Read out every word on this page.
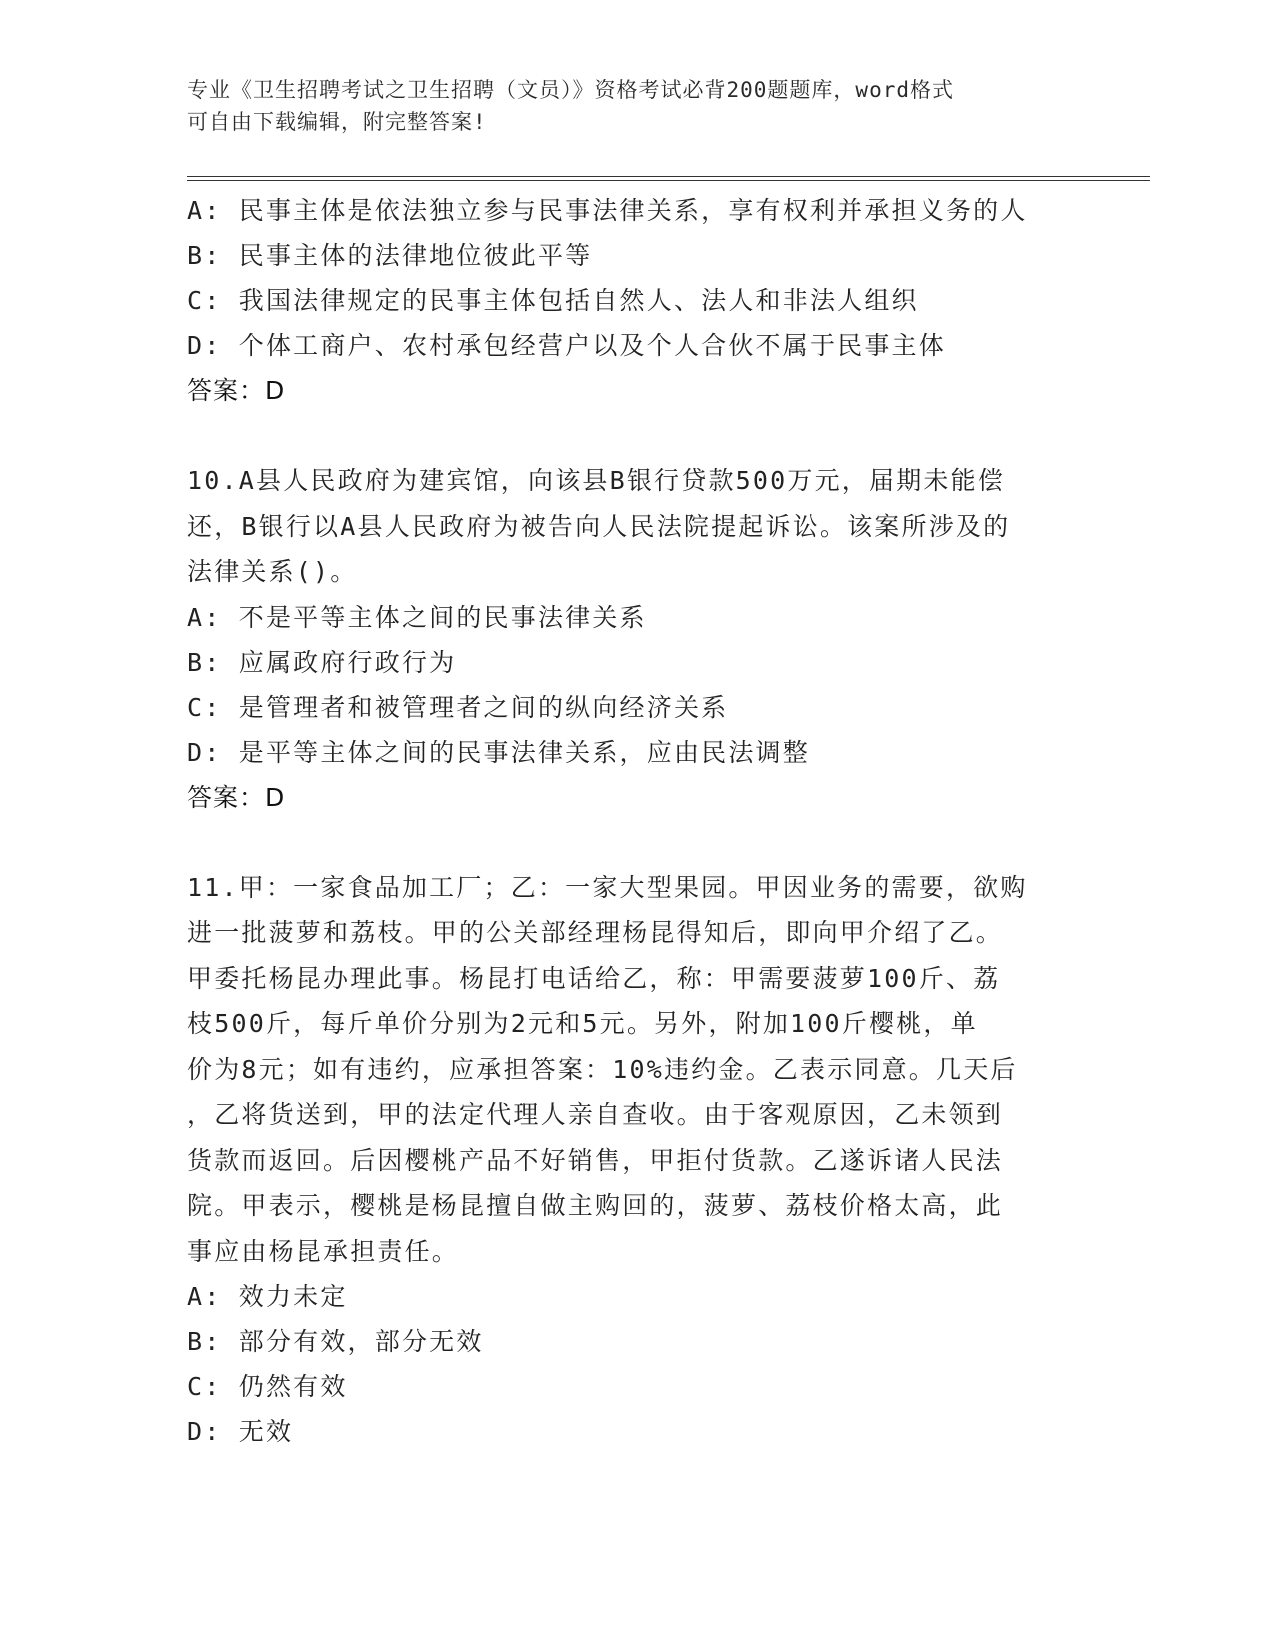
专业《卫生招聘考试之卫生招聘（文员）》资格考试必背200题题库，word格式
可自由下载编辑，附完整答案!
A: 民事主体是依法独立参与民事法律关系，享有权利并承担义务的人
B: 民事主体的法律地位彼此平等
C: 我国法律规定的民事主体包括自然人、法人和非法人组织
D: 个体工商户、农村承包经营户以及个人合伙不属于民事主体
答案：D
10.A县人民政府为建宾馆，向该县B银行贷款500万元，届期未能偿
还，B银行以A县人民政府为被告向人民法院提起诉讼。该案所涉及的
法律关系()。
A: 不是平等主体之间的民事法律关系
B: 应属政府行政行为
C: 是管理者和被管理者之间的纵向经济关系
D: 是平等主体之间的民事法律关系，应由民法调整
答案：D
11.甲：一家食品加工厂；乙：一家大型果园。甲因业务的需要，欲购
进一批菠萝和荔枝。甲的公关部经理杨昆得知后，即向甲介绍了乙。
甲委托杨昆办理此事。杨昆打电话给乙，称：甲需要菠萝100斤、荔
枝500斤，每斤单价分别为2元和5元。另外，附加100斤樱桃，单
价为8元；如有违约，应承担答案：10%违约金。乙表示同意。几天后
，乙将货送到，甲的法定代理人亲自查收。由于客观原因，乙未领到
货款而返回。后因樱桃产品不好销售，甲拒付货款。乙遂诉诸人民法
院。甲表示，樱桃是杨昆擅自做主购回的，菠萝、荔枝价格太高，此
事应由杨昆承担责任。
A: 效力未定
B: 部分有效，部分无效
C: 仍然有效
D: 无效
